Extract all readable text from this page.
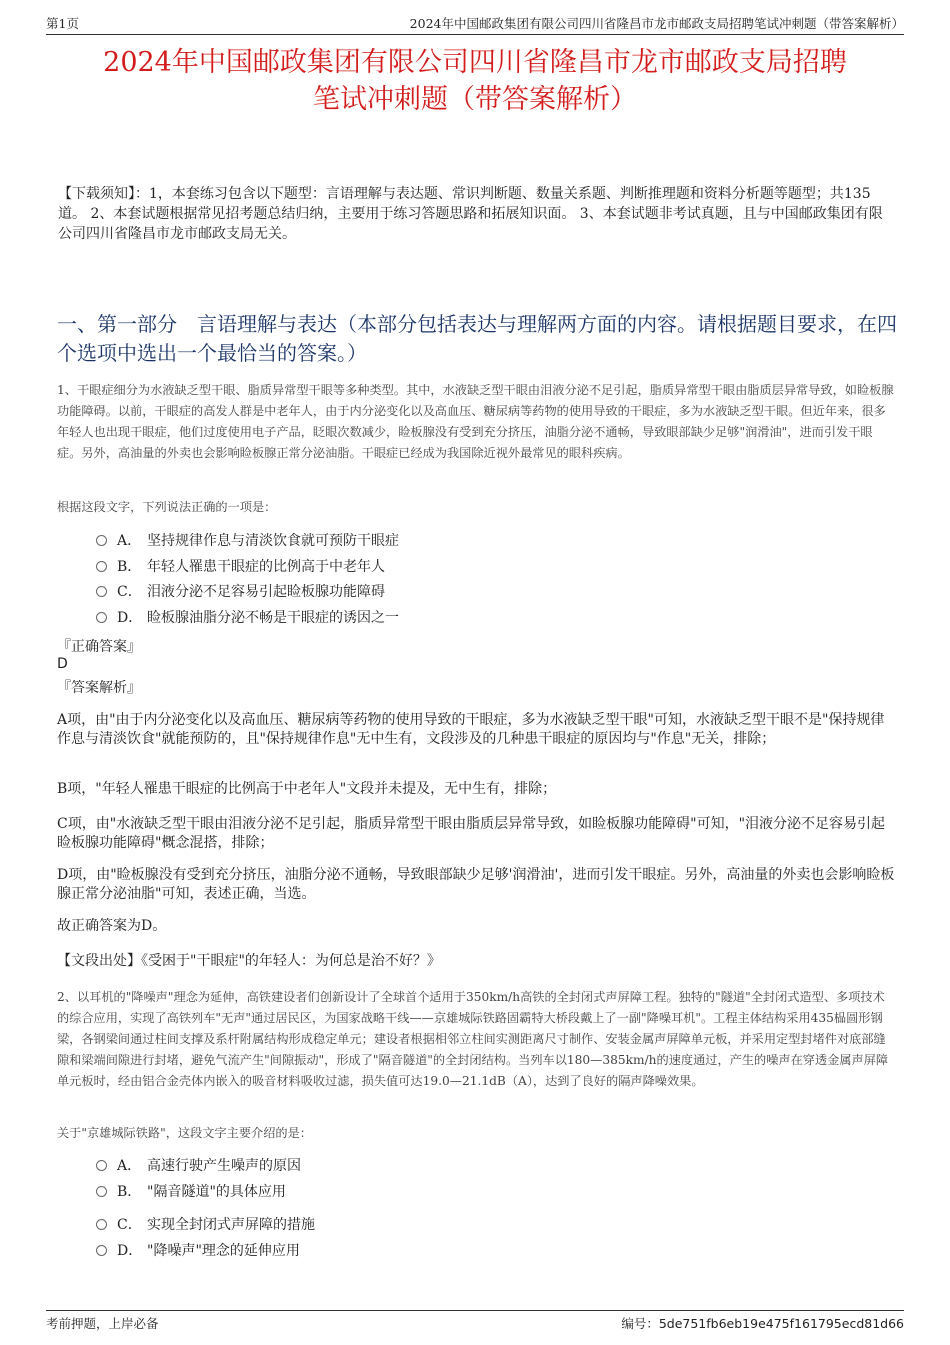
第1页	2024年中国邮政集团有限公司四川省隆昌市龙市邮政支局招聘笔试冲刺题（带答案解析）
2024年中国邮政集团有限公司四川省隆昌市龙市邮政支局招聘
笔试冲刺题（带答案解析）
【下载须知】：1，本套练习包含以下题型：言语理解与表达题、常识判断题、数量关系题、判断推理题和资料分析题等题型；共135道。 2、本套试题根据常见招考题总结归纳，主要用于练习答题思路和拓展知识面。 3、本套试题非考试真题，且与中国邮政集团有限公司四川省隆昌市龙市邮政支局无关。
一、第一部分　言语理解与表达（本部分包括表达与理解两方面的内容。请根据题目要求，在四个选项中选出一个最恰当的答案。）
1、干眼症细分为水液缺乏型干眼、脂质异常型干眼等多种类型。其中，水液缺乏型干眼由泪液分泌不足引起，脂质异常型干眼由脂质层异常导致，如睑板腺功能障碍。以前，干眼症的高发人群是中老年人，由于内分泌变化以及高血压、糖尿病等药物的使用导致的干眼症，多为水液缺乏型干眼。但近年来，很多年轻人也出现干眼症，他们过度使用电子产品，眨眼次数减少，睑板腺没有受到充分挤压，油脂分泌不通畅，导致眼部缺少足够"润滑油"，进而引发干眼症。另外，高油量的外卖也会影响睑板腺正常分泌油脂。干眼症已经成为我国除近视外最常见的眼科疾病。
根据这段文字，下列说法正确的一项是：
A． 坚持规律作息与清淡饮食就可预防干眼症
B． 年轻人罹患干眼症的比例高于中老年人
C． 泪液分泌不足容易引起睑板腺功能障碍
D． 睑板腺油脂分泌不畅是干眼症的诱因之一
『正确答案』
D
『答案解析』
A项，由"由于内分泌变化以及高血压、糖尿病等药物的使用导致的干眼症，多为水液缺乏型干眼"可知，水液缺乏型干眼不是"保持规律作息与清淡饮食"就能预防的，且"保持规律作息"无中生有，文段涉及的几种患干眼症的原因均与"作息"无关，排除；
B项，"年轻人罹患干眼症的比例高于中老年人"文段并未提及，无中生有，排除；
C项，由"水液缺乏型干眼由泪液分泌不足引起，脂质异常型干眼由脂质层异常导致，如睑板腺功能障碍"可知，"泪液分泌不足容易引起睑板腺功能障碍"概念混搭，排除；
D项，由"睑板腺没有受到充分挤压，油脂分泌不通畅，导致眼部缺少足够'润滑油'，进而引发干眼症。另外，高油量的外卖也会影响睑板腺正常分泌油脂"可知，表述正确，当选。
故正确答案为D。
【文段出处】《受困于"干眼症"的年轻人：为何总是治不好？》
2、以耳机的"降噪声"理念为延伸，高铁建设者们创新设计了全球首个适用于350km/h高铁的全封闭式声屏障工程。独特的"隧道"全封闭式造型、多项技术的综合应用，实现了高铁列车"无声"通过居民区，为国家战略干线——京雄城际铁路固霸特大桥段戴上了一副"降噪耳机"。工程主体结构采用435榀圆形钢梁，各钢梁间通过柱间支撑及系杆附属结构形成稳定单元；建设者根据相邻立柱间实测距离尺寸制作、安装金属声屏障单元板，并采用定型封堵件对底部缝隙和梁端间隙进行封堵，避免气流产生"间隙振动"，形成了"隔音隧道"的全封闭结构。当列车以180—385km/h的速度通过，产生的噪声在穿透金属声屏障单元板时，经由铝合金壳体内嵌入的吸音材料吸收过滤，损失值可达19.0—21.1dB（A），达到了良好的隔声降噪效果。
关于"京雄城际铁路"，这段文字主要介绍的是：
A． 高速行驶产生噪声的原因
B． "隔音隧道"的具体应用
C． 实现全封闭式声屏障的措施
D． "降噪声"理念的延伸应用
考前押题，上岸必备	编号：5de751fb6eb19e475f161795ecd81d66
